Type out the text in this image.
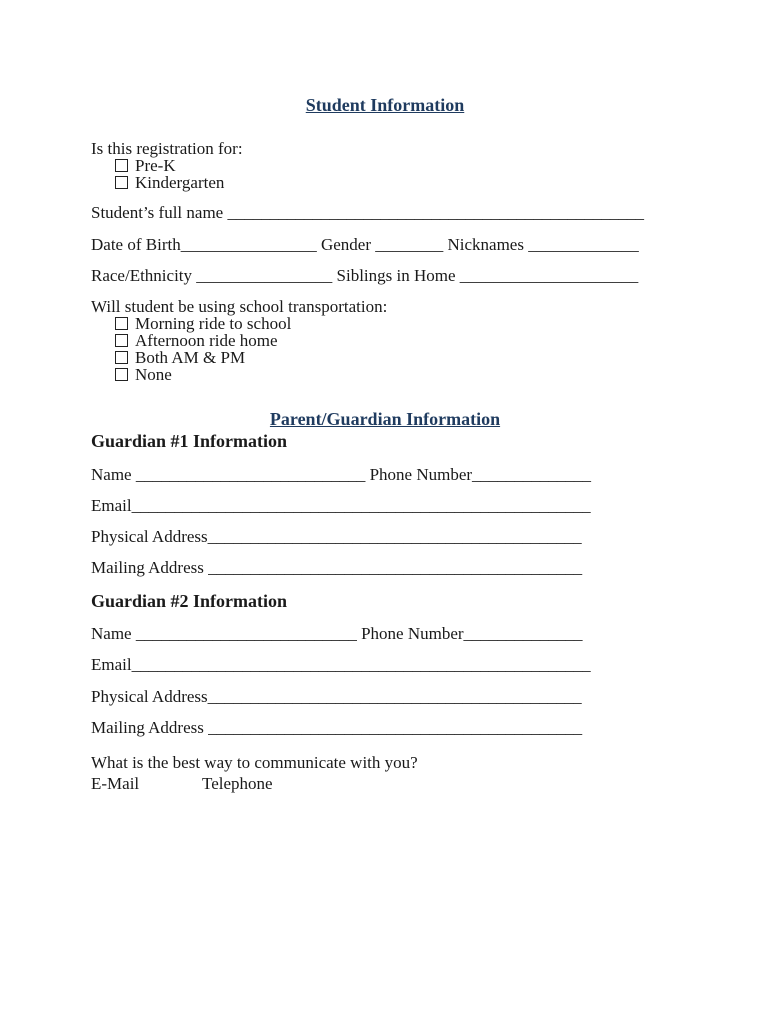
Student Information
Is this registration for:
Pre-K
Kindergarten
Student’s full name _________________________________________________
Date of Birth________________ Gender ________ Nicknames _____________
Race/Ethnicity ________________ Siblings in Home _____________________
Will student be using school transportation:
Morning ride to school
Afternoon ride home
Both AM & PM
None
Parent/Guardian Information
Guardian #1 Information
Name ___________________________ Phone Number______________
Email______________________________________________________
Physical Address____________________________________________
Mailing Address ____________________________________________
Guardian #2 Information
Name __________________________ Phone Number______________
Email______________________________________________________
Physical Address____________________________________________
Mailing Address ____________________________________________
What is the best way to communicate with you?
E-Mail	Telephone
